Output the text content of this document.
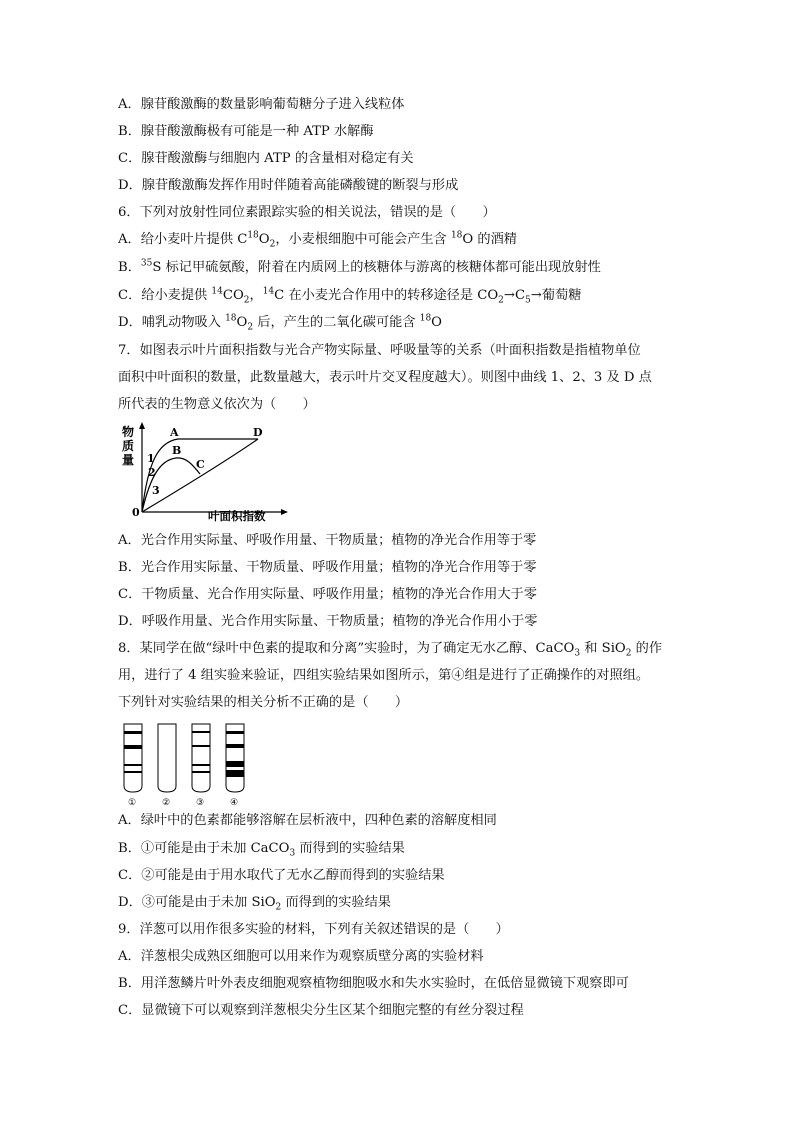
A．腺苷酸激酶的数量影响葡萄糖分子进入线粒体
B．腺苷酸激酶极有可能是一种 ATP 水解酶
C．腺苷酸激酶与细胞内 ATP 的含量相对稳定有关
D．腺苷酸激酶发挥作用时伴随着高能磷酸键的断裂与形成
6．下列对放射性同位素跟踪实验的相关说法，错误的是（　　）
A．给小麦叶片提供 $C^{18}O_2$，小麦根细胞中可能会产生含 $^{18}$O 的酒精
B．$^{35}$S 标记甲硫氨酸，附着在内质网上的核糖体与游离的核糖体都可能出现放射性
C．给小麦提供 $^{14}CO_2$，$^{14}$C 在小麦光合作用中的转移途径是 $CO_2\to C_5\to$葡萄糖
D．哺乳动物吸入 $^{18}O_2$ 后，产生的二氧化碳可能含 $^{18}$O
7．如图表示叶片面积指数与光合产物实际量、呼吸量等的关系（叶面积指数是指植物单位
面积中叶面积的数量，此数量越大，表示叶片交叉程度越大）。则图中曲线 1、2、3 及 D 点
所代表的生物意义依次为（　　）
物
质
量
0	叶面积指数
A
B
C
D
1
2
3
A．光合作用实际量、呼吸作用量、干物质量；植物的净光合作用等于零
B．光合作用实际量、干物质量、呼吸作用量；植物的净光合作用等于零
C．干物质量、光合作用实际量、呼吸作用量；植物的净光合作用大于零
D．呼吸作用量、光合作用实际量、干物质量；植物的净光合作用小于零
8．某同学在做“绿叶中色素的提取和分离”实验时，为了确定无水乙醇、CaCO$_3$ 和 SiO$_2$ 的作
用，进行了 4 组实验来验证，四组实验结果如图所示，第④组是进行了正确操作的对照组。
下列针对实验结果的相关分析不正确的是（　　）
①	②	③	④
A．绿叶中的色素都能够溶解在层析液中，四种色素的溶解度相同
B．①可能是由于未加 CaCO$_3$ 而得到的实验结果
C．②可能是由于用水取代了无水乙醇而得到的实验结果
D．③可能是由于未加 SiO$_2$ 而得到的实验结果
9．洋葱可以用作很多实验的材料，下列有关叙述错误的是（　　）
A．洋葱根尖成熟区细胞可以用来作为观察质壁分离的实验材料
B．用洋葱鳞片叶外表皮细胞观察植物细胞吸水和失水实验时，在低倍显微镜下观察即可
C．显微镜下可以观察到洋葱根尖分生区某个细胞完整的有丝分裂过程
